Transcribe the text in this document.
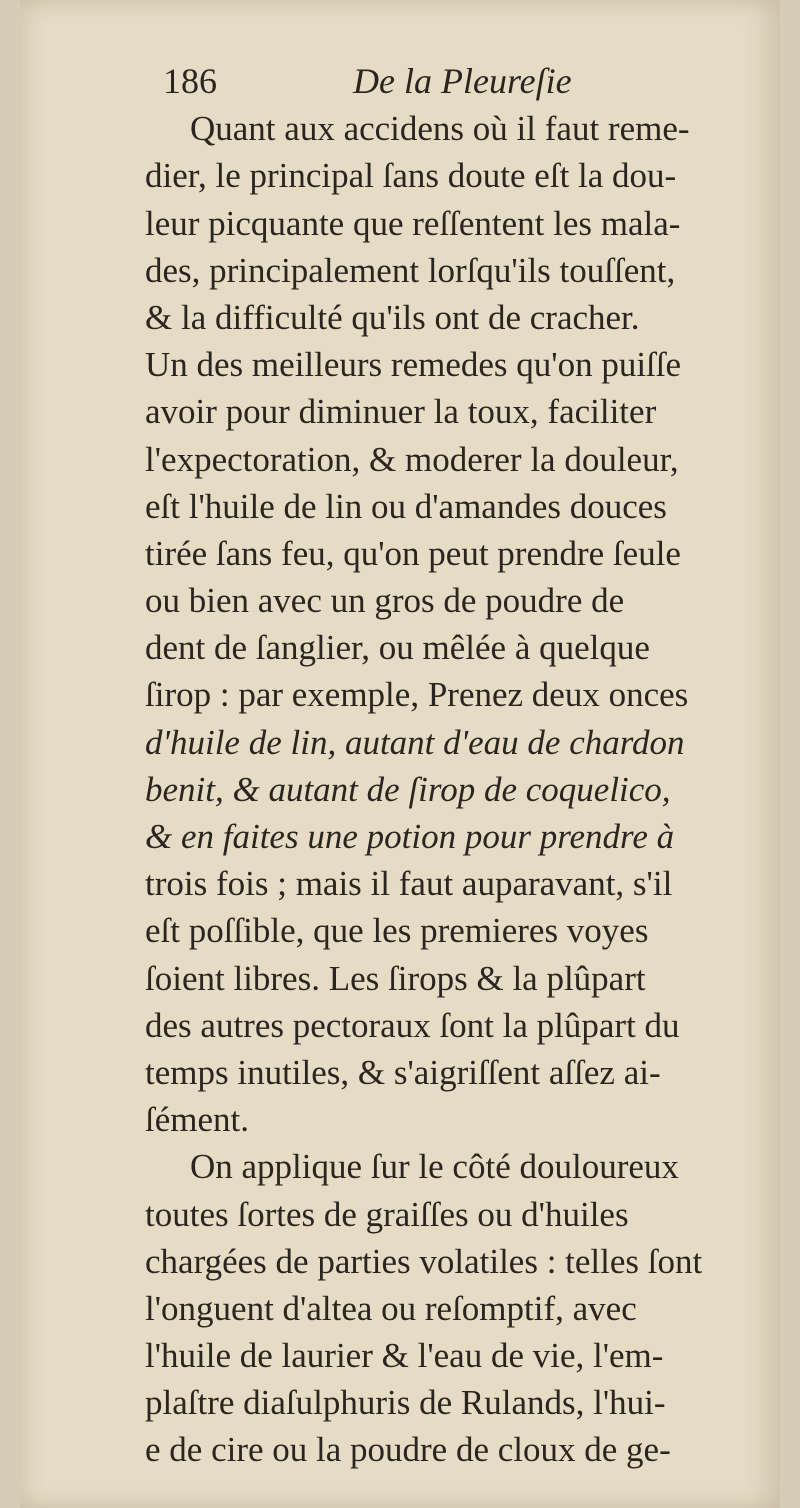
186	De la Pleureſie
Quant aux accidens où il faut reme-
dier, le principal ſans doute eſt la dou-
leur picquante que reſſentent les mala-
des, principalement lorſqu'ils touſſent,
& la difficulté qu'ils ont de cracher.
Un des meilleurs remedes qu'on puiſſe
avoir pour diminuer la toux, faciliter
l'expectoration, & moderer la douleur,
eſt l'huile de lin ou d'amandes douces
tirée ſans feu, qu'on peut prendre ſeule
ou bien avec un gros de poudre de
dent de ſanglier, ou mêlée à quelque
ſirop : par exemple, Prenez deux onces
d'huile de lin, autant d'eau de chardon
benit, & autant de ſirop de coquelico,
& en faites une potion pour prendre à
trois fois ; mais il faut auparavant, s'il
eſt poſſible, que les premieres voyes
ſoient libres. Les ſirops & la plûpart
des autres pectoraux ſont la plûpart du
temps inutiles, & s'aigriſſent aſſez ai-
ſément.
On applique ſur le côté douloureux
toutes ſortes de graiſſes ou d'huiles
chargées de parties volatiles : telles ſont
l'onguent d'altea ou reſomptif, avec
l'huile de laurier & l'eau de vie, l'em-
plaſtre diaſulphuris de Rulands, l'hui-
e de cire ou la poudre de cloux de ge-
